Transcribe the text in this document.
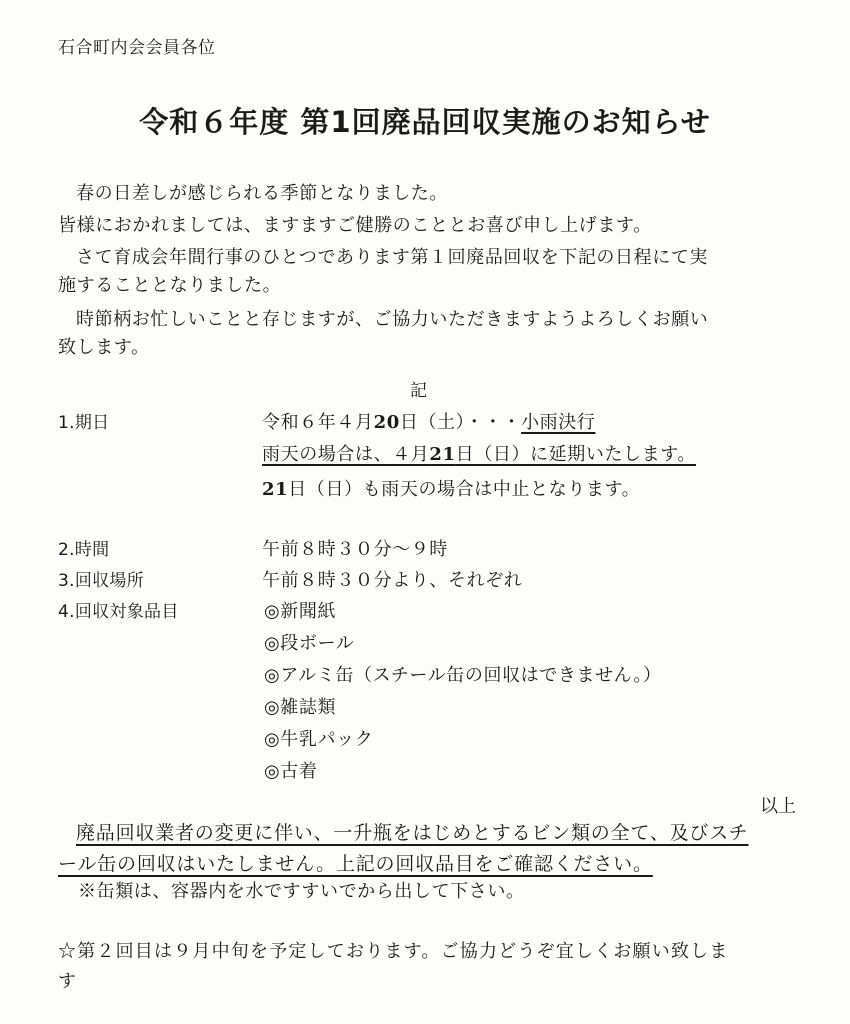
石合町内会会員各位
令和６年度 第1回廃品回収実施のお知らせ
春の日差しが感じられる季節となりました。
皆様におかれましては、ますますご健勝のこととお喜び申し上げます。
さて育成会年間行事のひとつであります第１回廃品回収を下記の日程にて実
施することとなりました。
時節柄お忙しいことと存じますが、ご協力いただきますようよろしくお願い
致します。
記
1.期日	令和６年４月20日（土）・・・小雨決行
雨天の場合は、４月21日（日）に延期いたします。
21日（日）も雨天の場合は中止となります。
2.時間	午前８時３０分～９時
3.回収場所	午前８時３０分より、それぞれ
4.回収対象品目	◎新聞紙
◎段ボール
◎アルミ缶（スチール缶の回収はできません。）
◎雑誌類
◎牛乳パック
◎古着
以上
廃品回収業者の変更に伴い、一升瓶をはじめとするビン類の全て、及びスチ
ール缶の回収はいたしません。上記の回収品目をご確認ください。
※缶類は、容器内を水ですすいでから出して下さい。
☆第２回目は９月中旬を予定しております。ご協力どうぞ宜しくお願い致しま
す
